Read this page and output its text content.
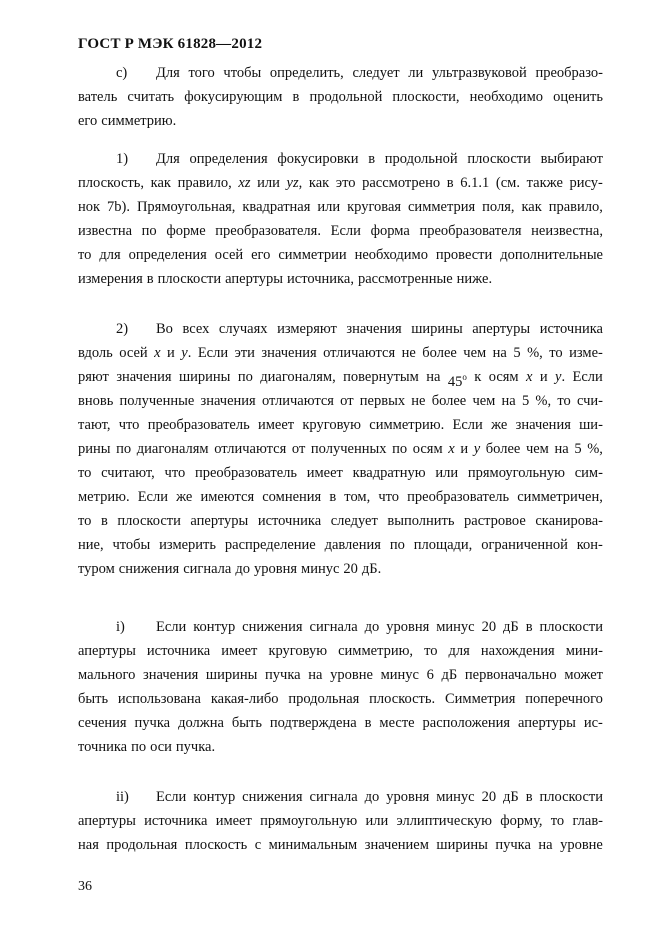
ГОСТ Р МЭК 61828—2012
c)	Для того чтобы определить, следует ли ультразвуковой преобразо-
ватель считать фокусирующим в продольной плоскости, необходимо оценить
его симметрию.
1)	Для определения фокусировки в продольной плоскости выбирают
плоскость, как правило, xz или yz, как это рассмотрено в 6.1.1 (см. также рису-
нок 7b). Прямоугольная, квадратная или круговая симметрия поля, как правило,
известна по форме преобразователя. Если форма преобразователя неизвестна,
то для определения осей его симметрии необходимо провести дополнительные
измерения в плоскости апертуры источника, рассмотренные ниже.
2)	Во всех случаях измеряют значения ширины апертуры источника
вдоль осей x и y. Если эти значения отличаются не более чем на 5 %, то изме-
ряют значения ширины по диагоналям, повернутым на 45$^o$ к осям x и y. Если
вновь полученные значения отличаются от первых не более чем на 5 %, то счи-
тают, что преобразователь имеет круговую симметрию. Если же значения ши-
рины по диагоналям отличаются от полученных по осям x и y более чем на 5 %,
то считают, что преобразователь имеет квадратную или прямоугольную сим-
метрию. Если же имеются сомнения в том, что преобразователь симметричен,
то в плоскости апертуры источника следует выполнить растровое сканирова-
ние, чтобы измерить распределение давления по площади, ограниченной кон-
туром снижения сигнала до уровня минус 20 дБ.
i)	Если контур снижения сигнала до уровня минус 20 дБ в плоскости
апертуры источника имеет круговую симметрию, то для нахождения мини-
мального значения ширины пучка на уровне минус 6 дБ первоначально может
быть использована какая-либо продольная плоскость. Симметрия поперечного
сечения пучка должна быть подтверждена в месте расположения апертуры ис-
точника по оси пучка.
ii)	Если контур снижения сигнала до уровня минус 20 дБ в плоскости
апертуры источника имеет прямоугольную или эллиптическую форму, то глав-
ная продольная плоскость с минимальным значением ширины пучка на уровне
36
